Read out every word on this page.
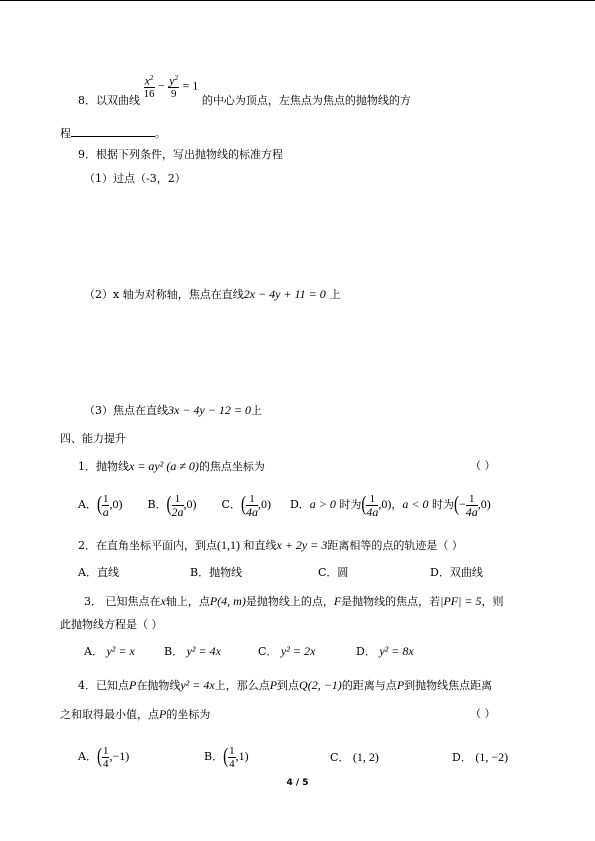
8．以双曲线
$\frac{x^2}{16} - \frac{y^2}{9} = 1$ 的中心为顶点，左焦点为焦点的抛物线的方
程	。
9．根据下列条件，写出抛物线的标准方程
（1）过点（-3，2）
（2）x 轴为对称轴，焦点在直线2x − 4y + 11 = 0 上
（3）焦点在直线3x − 4y − 12 = 0上
四、能力提升
1．抛物线x = ay² (a ≠ 0)的焦点坐标为	（ ）
A．( $\frac{1}{a} ,0$) B．( $\frac{1}{2a} ,0$) C．( $\frac{1}{4a} ,0$) D．a > 0 时为( $\frac{1}{4a} ,0$)，a < 0 时为(− $\frac{1}{4a} ,0$)
2．在直角坐标平面内，到点(1,1) 和直线x + 2y = 3距离相等的点的轨迹是（ ）
A．直线	B．抛物线	C．圆	D．双曲线
3． 已知焦点在x轴上，点P(4, m)是抛物线上的点，F是抛物线的焦点，若|PF| = 5，则
此抛物线方程是（ ）
A． y² = x	B． y² = 4x	C． y² = 2x	D． y² = 8x
4．已知点P在抛物线y² = 4x上，那么点P到点Q(2, −1)的距离与点P到抛物线焦点距离
之和取得最小值，点P的坐标为	（ ）
A．( $\frac{1}{4} ,-1$)	B．( $\frac{1}{4} ,1$)	C． (1, 2)	D． (1, −2)
4 / 5
